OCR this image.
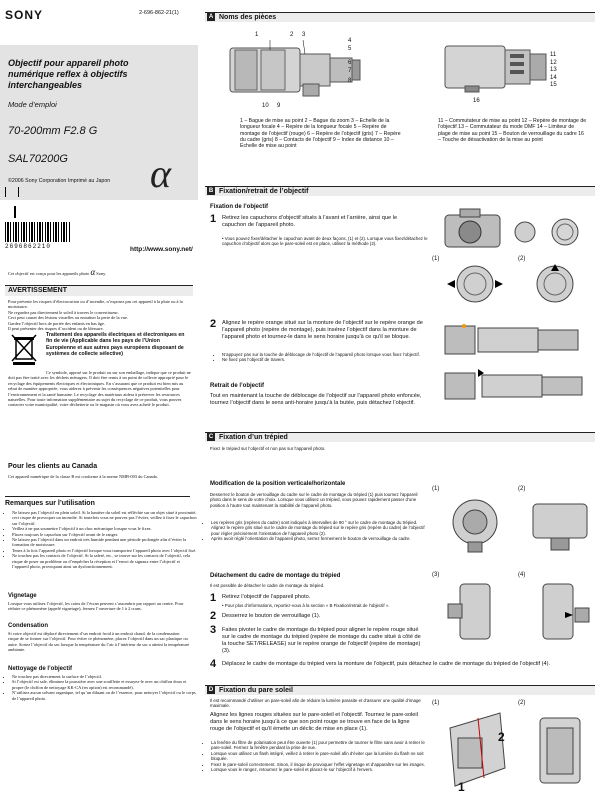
SONY	2-696-862-21(1)
Objectif pour appareil photo numérique reflex à objectifs interchangeables
Mode d’emploi
70-200mm F2.8 G
SAL70200G α
©2006 Sony Corporation Imprimé au Japon
2696862210	http://www.sony.net/
Cet objectif est conçu pour les appareils photo α Sony.
AVERTISSEMENT
Pour prévenir les risques d’électrocution ou d’incendie, n’exposez pas cet appareil à la pluie ou à la moisissure.
Ne regardez pas directement le soleil à travers le convertisseur.
Ceci peut causer des lésions visuelles ou entraîner la perte de la vue.
Gardez l’objectif hors de portée des enfants en bas âge.
Il peut présenter des risques d’accident ou de blessure.
Traitement des appareils électriques et électroniques en fin de vie (Applicable dans les pays de l’Union Européenne et aux autres pays européens disposant de systèmes de collecte sélective)
Ce symbole, apposé sur le produit ou sur son emballage, indique que ce produit ne doit pas être traité avec les déchets ménagers. Il doit être remis à un point de collecte approprié pour le recyclage des équipements électriques et électroniques. En s’assurant que ce produit est bien mis au rebut de manière appropriée, vous aiderez à prévenir les conséquences négatives potentielles pour l’environnement et la santé humaine. Le recyclage des matériaux aidera à préserver les ressources naturelles. Pour toute information supplémentaire au sujet du recyclage de ce produit, vous pouvez contacter votre municipalité, votre déchetterie ou le magasin où vous avez acheté le produit.
Pour les clients au Canada
Cet appareil numérique de la classe B est conforme à la norme NMB-003 du Canada.
Remarques sur l’utilisation
• Ne laissez pas l’objectif en plein soleil. Si la lumière du soleil est réfléchie sur un objet situé à proximité, ceci risque de provoquer un incendie. Si toutefois vous ne pouvez pas l’éviter, veillez à fixer le capuchon sur l’objectif.
• Veillez à ne pas soumettre l’objectif à un choc mécanique lorsque vous le fixez.
• Placez toujours le capuchon sur l’objectif avant de le ranger.
• Ne laissez pas l’objectif dans un endroit très humide pendant une période prolongée afin d’éviter la formation de moisissure.
• Tenez à la fois l’appareil photo et l’objectif lorsque vous transportez l’appareil photo avec l’objectif fixé.
• Ne touchez pas les contacts de l’objectif. Si la saleté, etc., se trouve sur les contacts de l’objectif, cela risque de poser un problème ou d’empêcher la réception et l’envoi de signaux entre l’objectif et l’appareil photo, provoquant ainsi un dysfonctionnement.
Vignetage
Lorsque vous utilisez l’objectif, les coins de l’écran peuvent s’assombrir par rapport au centre. Pour réduire ce phénomène (appelé vignetage), fermez l’ouverture de 1 à 2 crans.
Condensation
Si votre objectif est déplacé directement d’un endroit froid à un endroit chaud, de la condensation risque de se former sur l’objectif. Pour éviter ce phénomène, placez l’objectif dans un sac plastique ou autre. Sortez l’objectif du sac lorsque la température du l’air à l’intérieur du sac a atteint la température ambiante.
Nettoyage de l’objectif
• Ne touchez pas directement la surface de l’objectif.
• Si l’objectif est sale, éliminez la poussière avec une soufflette et essuyez-le avec un chiffon doux et propre (le chiffon de nettoyage KK-CA (en option) est recommandé).
• N’utilisez aucun solvant organique, tel qu’un diluant ou de l’essence, pour nettoyer l’objectif ou le corps de l’appareil photo.
A Noms des pièces
1	2 3
4
5
6
7
8
10 9
11
12
13
14
15
16
1 – Bague de mise au point 2 – Bague du zoom 3 – Echelle de la longueur focale 4 – Repère de la longueur focale 5 – Repère de montage de l’objectif (rouge) 6 – Repère de l’objectif (gris) 7 – Repère du cadre (gris) 8 – Contacts de l’objectif 9 – Index de distance 10 – Echelle de mise au point
11 – Commutateur de mise au point 12 – Repère de montage de l’objectif 13 – Commutateur du mode DMF 14 – Limiteur de plage de mise au point 15 – Bouton de verrouillage du cadre 16 – Touche de désactivation de la mise au point
B Fixation/retrait de l’objectif
Fixation de l’objectif
1 Retirez les capuchons d’objectif situés à l’avant et l’arrière, ainsi que le capuchon de l’appareil photo.
• Vous pouvez fixer/détacher le capuchon avant de deux façons, (1) et (2). Lorsque vous fixez/détachez le capuchon d’objectif alors que le pare-soleil est en place, utilisez la méthode (2).
(1)	(2)
2 Alignez le repère orange situé sur la monture de l’objectif sur le repère orange de l’appareil photo (repère de montage), puis insérez l’objectif dans la monture de l’appareil photo et tournez-le dans le sens horaire jusqu’à ce qu’il se bloque.
• N’appuyez pas sur la touche de déblocage de l’objectif de l’appareil photo lorsque vous fixez l’objectif.
• Ne fixez pas l’objectif de travers.
Retrait de l’objectif
Tout en maintenant la touche de déblocage de l’objectif sur l’appareil photo enfoncée, tournez l’objectif dans le sens anti-horaire jusqu’à la butée, puis détachez l’objectif.
C Fixation d’un trépied
Fixez le trépied sur l’objectif et non pas sur l’appareil photo.
Modification de la position verticale/horizontale
Desserrez le bouton de verrouillage du cadre sur le cadre de montage du trépied (1) puis tournez l’appareil photo dans le sens de votre choix. Lorsque vous utilisez un trépied, vous pouvez rapidement passer d’une position à l’autre tout maintenant la stabilité de l’appareil photo.
• Les repères gris (repères du cadre) sont indiqués à intervalles de 90 ° sur le cadre de montage du trépied. Alignez le repère gris situé sur le cadre de montage du trépied sur le repère gris (repère du cadre) de l’objectif pour régler précisément l’orientation de l’appareil photo (2).
• Après avoir réglé l’orientation de l’appareil photo, serrez fermement le bouton de verrouillage du cadre.
(1)	(2)
Détachement du cadre de montage du trépied
Il est possible de détacher le cadre de montage du trépied.
1 Retirez l’objectif de l’appareil photo.
• Pour plus d’informations, reportez-vous à la section « B Fixation/retrait de l’objectif ».
2 Desserrez le bouton de verrouillage (1).
3 Faites pivoter le cadre de montage du trépied pour aligner le repère rouge situé sur le cadre de montage du trépied (repère de montage du cadre situé à côté de la touche SET/RELEASE) sur le repère orange de l’objectif (repère de montage) (3).
(3)	(4)
4 Déplacez le cadre de montage du trépied vers la monture de l’objectif, puis détachez le cadre de montage du trépied de l’objectif (4).
D Fixation du pare soleil
Il est recommandé d’utiliser un pare-soleil afin de réduire la lumière parasite et d’assurer une qualité d’image maximale.
Alignez les lignes rouges situées sur le pare-soleil et l’objectif. Tournez le pare-soleil dans le sens horaire jusqu’à ce que son point rouge se trouve en face de la ligne rouge de l’objectif et qu’il émette un déclic de mise en place (1).
• La fenêtre du filtre de polarisation peut être ouverte (1) pour permettre de tourner le filtre sans avoir à retirer le pare-soleil. Fermez la fenêtre pendant la prise de vue.
• Lorsque vous utilisez un flash intégré, veillez à retirer le pare-soleil afin d’éviter que la lumière du flash ne soit bloquée.
• Fixez le pare-soleil correctement. Sinon, il risque de provoquer l’effet vignetage et d’apparaître sur les images.
• Lorsque vous le rangez, retournez le pare-soleil et placez-le sur l’objectif à l’envers.
(1)	(2)
2
1
